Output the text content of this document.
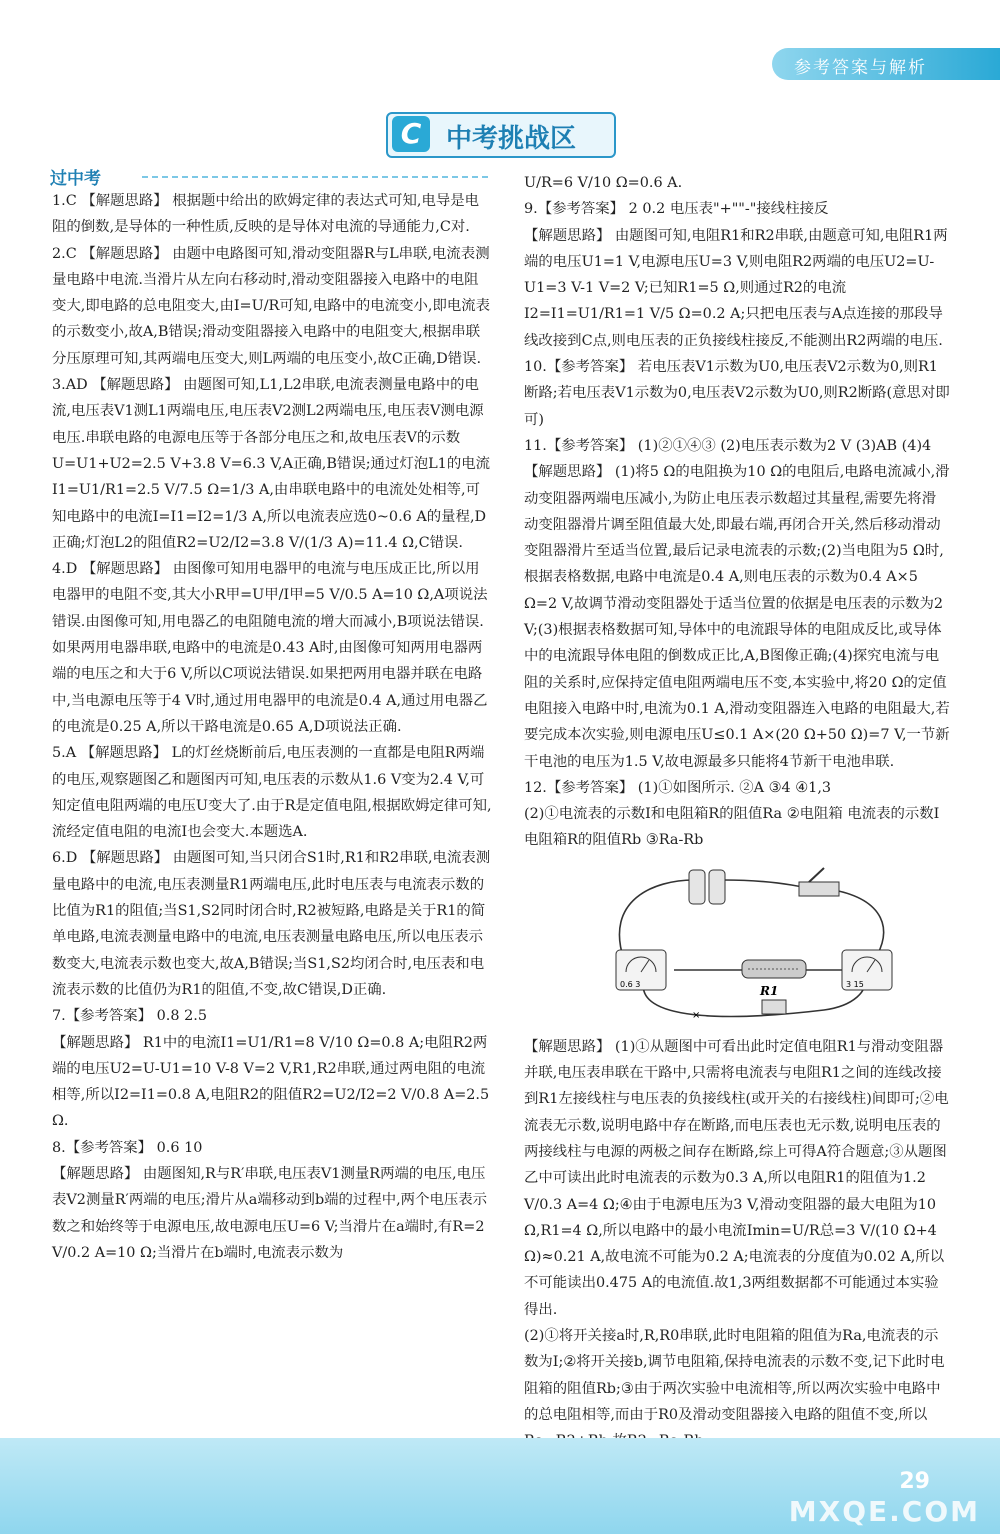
参考答案与解析
C 中考挑战区
过中考

1.C 【解题思路】 根据题中给出的欧姆定律的表达式可知,电导是电阻的倒数,是导体的一种性质,反映的是导体对电流的导通能力,C对.

2.C 【解题思路】 由题中电路图可知,滑动变阻器R与L串联,电流表测量电路中电流.当滑片从左向右移动时,滑动变阻器接入电路中的电阻变大,即电路的总电阻变大,由I=U/R可知,电路中的电流变小,即电流表的示数变小,故A,B错误;滑动变阻器接入电路中的电阻变大,根据串联分压原理可知,其两端电压变大,则L两端的电压变小,故C正确,D错误.

3.AD 【解题思路】 由题图可知,L1,L2串联,电流表测量电路中的电流,电压表V1测L1两端电压,电压表V2测L2两端电压,电压表V测电源电压.串联电路的电源电压等于各部分电压之和,故电压表V的示数U=U1+U2=2.5 V+3.8 V=6.3 V,A正确,B错误;通过灯泡L1的电流I1=U1/R1=2.5 V/7.5 Ω=1/3 A,由串联电路中的电流处处相等,可知电路中的电流I=I1=I2=1/3 A,所以电流表应选0~0.6 A的量程,D正确;灯泡L2的阻值R2=U2/I2=3.8 V/(1/3 A)=11.4 Ω,C错误.

4.D 【解题思路】 由图像可知用电器甲的电流与电压成正比,所以用电器甲的电阻不变,其大小R甲=U甲/I甲=5 V/0.5 A=10 Ω,A项说法错误.由图像可知,用电器乙的电阻随电流的增大而减小,B项说法错误.如果两用电器串联,电路中的电流是0.43 A时,由图像可知两用电器两端的电压之和大于6 V,所以C项说法错误.如果把两用电器并联在电路中,当电源电压等于4 V时,通过用电器甲的电流是0.4 A,通过用电器乙的电流是0.25 A,所以干路电流是0.65 A,D项说法正确.

5.A 【解题思路】 L的灯丝烧断前后,电压表测的一直都是电阻R两端的电压,观察题图乙和题图丙可知,电压表的示数从1.6 V变为2.4 V,可知定值电阻两端的电压U变大了.由于R是定值电阻,根据欧姆定律可知,流经定值电阻的电流I也会变大.本题选A.

6.D 【解题思路】 由题图可知,当只闭合S1时,R1和R2串联,电流表测量电路中的电流,电压表测量R1两端电压,此时电压表与电流表示数的比值为R1的阻值;当S1,S2同时闭合时,R2被短路,电路是关于R1的简单电路,电流表测量电路中的电流,电压表测量电路电压,所以电压表示数变大,电流表示数也变大,故A,B错误;当S1,S2均闭合时,电压表和电流表示数的比值仍为R1的阻值,不变,故C错误,D正确.

7.【参考答案】 0.8 2.5

【解题思路】 R1中的电流I1=U1/R1=8 V/10 Ω=0.8 A;电阻R2两端的电压U2=U-U1=10 V-8 V=2 V,R1,R2串联,通过两电阻的电流相等,所以I2=I1=0.8 A,电阻R2的阻值R2=U2/I2=2 V/0.8 A=2.5 Ω.

8.【参考答案】 0.6 10

【解题思路】 由题图知,R与R′串联,电压表V1测量R两端的电压,电压表V2测量R′两端的电压;滑片从a端移动到b端的过程中,两个电压表示数之和始终等于电源电压,故电源电压U=6 V;当滑片在a端时,有R=2 V/0.2 A=10 Ω;当滑片在b端时,电流表示数为

U/R=6 V/10 Ω=0.6 A.

9.【参考答案】 2 0.2 电压表"+""-"接线柱接反

【解题思路】 由题图可知,电阻R1和R2串联,由题意可知,电阻R1两端的电压U1=1 V,电源电压U=3 V,则电阻R2两端的电压U2=U-U1=3 V-1 V=2 V;已知R1=5 Ω,则通过R2的电流I2=I1=U1/R1=1 V/5 Ω=0.2 A;只把电压表与A点连接的那段导线改接到C点,则电压表的正负接线柱接反,不能测出R2两端的电压.

10.【参考答案】 若电压表V1示数为U0,电压表V2示数为0,则R1断路;若电压表V1示数为0,电压表V2示数为U0,则R2断路(意思对即可)

11.【参考答案】 (1)②①④③ (2)电压表示数为2 V (3)AB (4)4

【解题思路】 (1)将5 Ω的电阻换为10 Ω的电阻后,电路电流减小,滑动变阻器两端电压减小,为防止电压表示数超过其量程,需要先将滑动变阻器滑片调至阻值最大处,即最右端,再闭合开关,然后移动滑动变阻器滑片至适当位置,最后记录电流表的示数;(2)当电阻为5 Ω时,根据表格数据,电路中电流是0.4 A,则电压表的示数为0.4 A×5 Ω=2 V,故调节滑动变阻器处于适当位置的依据是电压表的示数为2 V;(3)根据表格数据可知,导体中的电流跟导体的电阻成反比,或导体中的电流跟导体电阻的倒数成正比,A,B图像正确;(4)探究电流与电阻的关系时,应保持定值电阻两端电压不变,本实验中,将20 Ω的定值电阻接入电路中时,电流为0.1 A,滑动变阻器连入电路的电阻最大,若要完成本次实验,则电源电压U≤0.1 A×(20 Ω+50 Ω)=7 V,一节新干电池的电压为1.5 V,故电源最多只能将4节新干电池串联.

12.【参考答案】 (1)①如图所示. ②A ③4 ④1,3

(2)①电流表的示数I和电阻箱R的阻值Ra ②电阻箱 电流表的示数I 电阻箱R的阻值Rb ③Ra-Rb

0.6 3	R1	3 15
×

【解题思路】 (1)①从题图中可看出此时定值电阻R1与滑动变阻器并联,电压表串联在干路中,只需将电流表与电阻R1之间的连线改接到R1左接线柱与电压表的负接线柱(或开关的右接线柱)间即可;②电流表无示数,说明电路中存在断路,而电压表也无示数,说明电压表的两接线柱与电源的两极之间存在断路,综上可得A符合题意;③从题图乙中可读出此时电流表的示数为0.3 A,所以电阻R1的阻值为1.2 V/0.3 A=4 Ω;④由于电源电压为3 V,滑动变阻器的最大电阻为10 Ω,R1=4 Ω,所以电路中的最小电流Imin=U/R总=3 V/(10 Ω+4 Ω)≈0.21 A,故电流不可能为0.2 A;电流表的分度值为0.02 A,所以不可能读出0.475 A的电流值.故1,3两组数据都不可能通过本实验得出.

(2)①将开关接a时,R,R0串联,此时电阻箱的阻值为Ra,电流表的示数为I;②将开关接b,调节电阻箱,保持电流表的示数不变,记下此时电阻箱的阻值Rb;③由于两次实验中电流相等,所以两次实验中电路中的总电阻相等,而由于R0及滑动变阻器接入电路的阻值不变,所以

29
MXQE.COM
